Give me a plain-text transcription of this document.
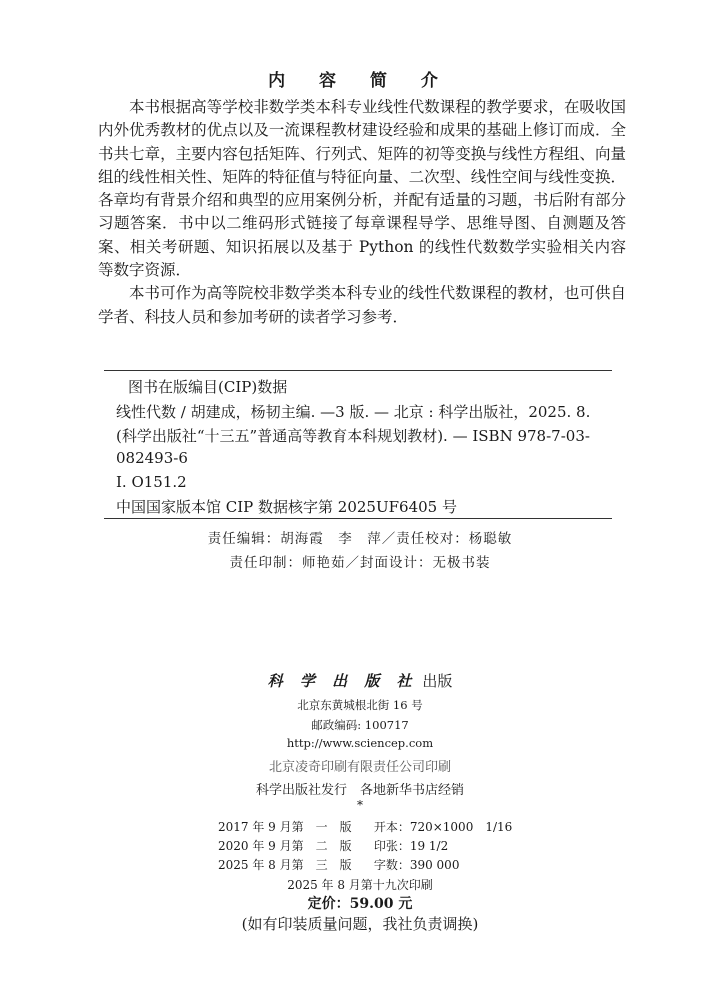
内 容 简 介

本书根据高等学校非数学类本科专业线性代数课程的教学要求，在吸收国内外优秀教材的优点以及一流课程教材建设经验和成果的基础上修订而成．全书共七章，主要内容包括矩阵、行列式、矩阵的初等变换与线性方程组、向量组的线性相关性、矩阵的特征值与特征向量、二次型、线性空间与线性变换．各章均有背景介绍和典型的应用案例分析，并配有适量的习题，书后附有部分习题答案．书中以二维码形式链接了每章课程导学、思维导图、自测题及答案、相关考研题、知识拓展以及基于 Python 的线性代数数学实验相关内容等数字资源．

本书可作为高等院校非数学类本科专业的线性代数课程的教材，也可供自学者、科技人员和参加考研的读者学习参考．

图书在版编目(CIP)数据
线性代数 / 胡建成，杨韧主编. —3 版. — 北京 : 科学出版社，2025. 8.
(科学出版社“十三五”普通高等教育本科规划教材). — ISBN 978-7-03-
082493-6
Ⅰ. O151.2
中国国家版本馆 CIP 数据核字第 2025UF6405 号
责任编辑：胡海霞　李　萍／责任校对：杨聪敏
责任印制：师艳茹／封面设计：无极书装
科 学 出 版 社 出版
北京东黄城根北街 16 号
邮政编码: 100717
http://www.sciencep.com
北京凌奇印刷有限责任公司印刷
科学出版社发行　各地新华书店经销
*
2017 年 9 月第　一　版 开本：720×1000　1/16
2020 年 9 月第　二　版 印张：19 1/2
2025 年 8 月第　三　版 字数：390 000
2025 年 8 月第十九次印刷
定价：59.00 元
(如有印装质量问题，我社负责调换)
